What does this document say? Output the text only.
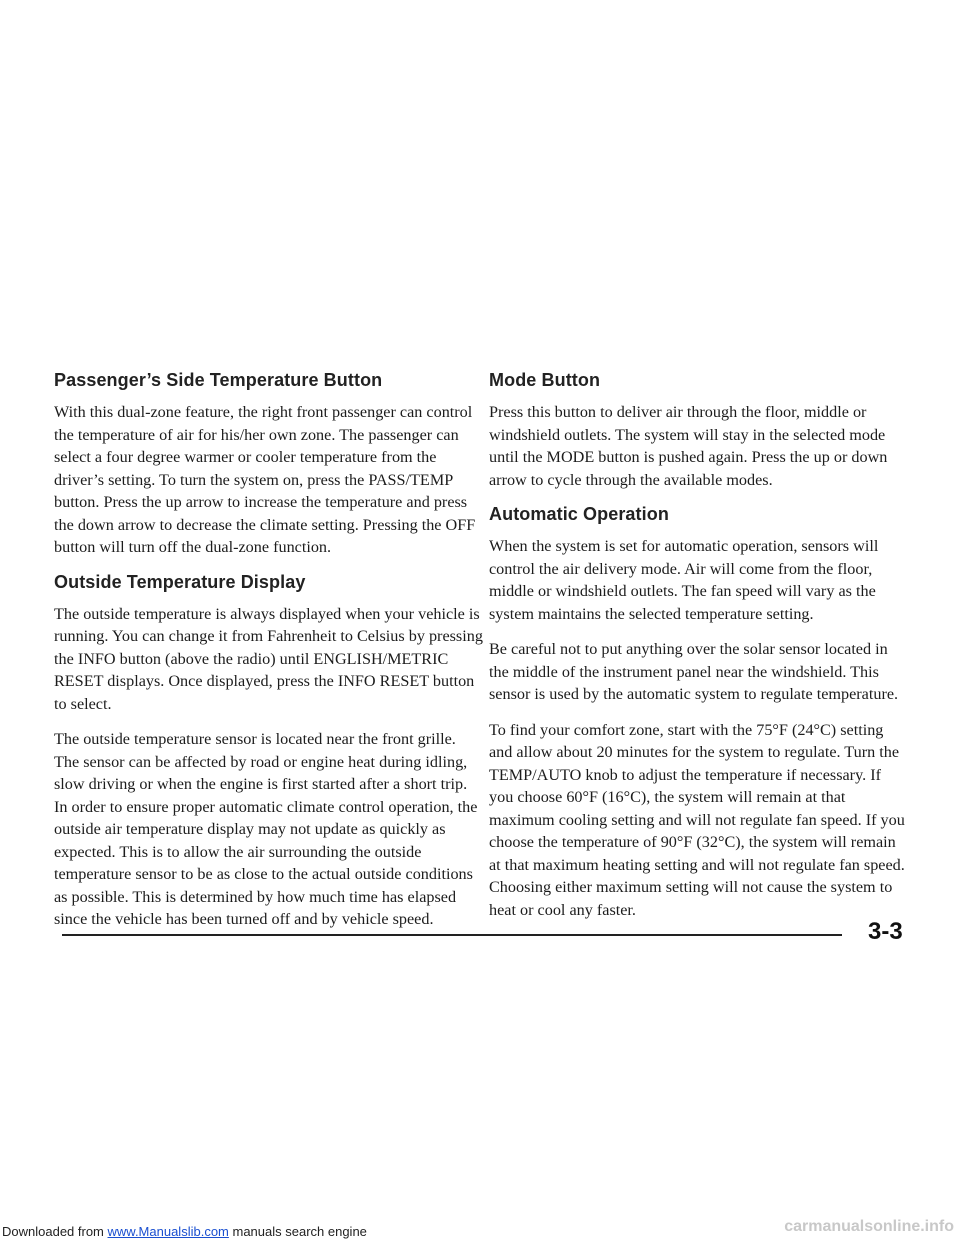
Passenger’s Side Temperature Button

With this dual-zone feature, the right front passenger can control the temperature of air for his/her own zone. The passenger can select a four degree warmer or cooler temperature from the driver’s setting. To turn the system on, press the PASS/TEMP button. Press the up arrow to increase the temperature and press the down arrow to decrease the climate setting. Pressing the OFF button will turn off the dual-zone function.

Outside Temperature Display

The outside temperature is always displayed when your vehicle is running. You can change it from Fahrenheit to Celsius by pressing the INFO button (above the radio) until ENGLISH/METRIC RESET displays. Once displayed, press the INFO RESET button to select.

The outside temperature sensor is located near the front grille. The sensor can be affected by road or engine heat during idling, slow driving or when the engine is first started after a short trip. In order to ensure proper automatic climate control operation, the outside air temperature display may not update as quickly as expected. This is to allow the air surrounding the outside temperature sensor to be as close to the actual outside conditions as possible. This is determined by how much time has elapsed since the vehicle has been turned off and by vehicle speed.

Mode Button

Press this button to deliver air through the floor, middle or windshield outlets. The system will stay in the selected mode until the MODE button is pushed again. Press the up or down arrow to cycle through the available modes.

Automatic Operation

When the system is set for automatic operation, sensors will control the air delivery mode. Air will come from the floor, middle or windshield outlets. The fan speed will vary as the system maintains the selected temperature setting.

Be careful not to put anything over the solar sensor located in the middle of the instrument panel near the windshield. This sensor is used by the automatic system to regulate temperature.

To find your comfort zone, start with the 75°F (24°C) setting and allow about 20 minutes for the system to regulate. Turn the TEMP/AUTO knob to adjust the temperature if necessary. If you choose 60°F (16°C), the system will remain at that maximum cooling setting and will not regulate fan speed. If you choose the temperature of 90°F (32°C), the system will remain at that maximum heating setting and will not regulate fan speed. Choosing either maximum setting will not cause the system to heat or cool any faster.

3-3
Downloaded from www.Manualslib.com manuals search engine	carmanualsonline.info
